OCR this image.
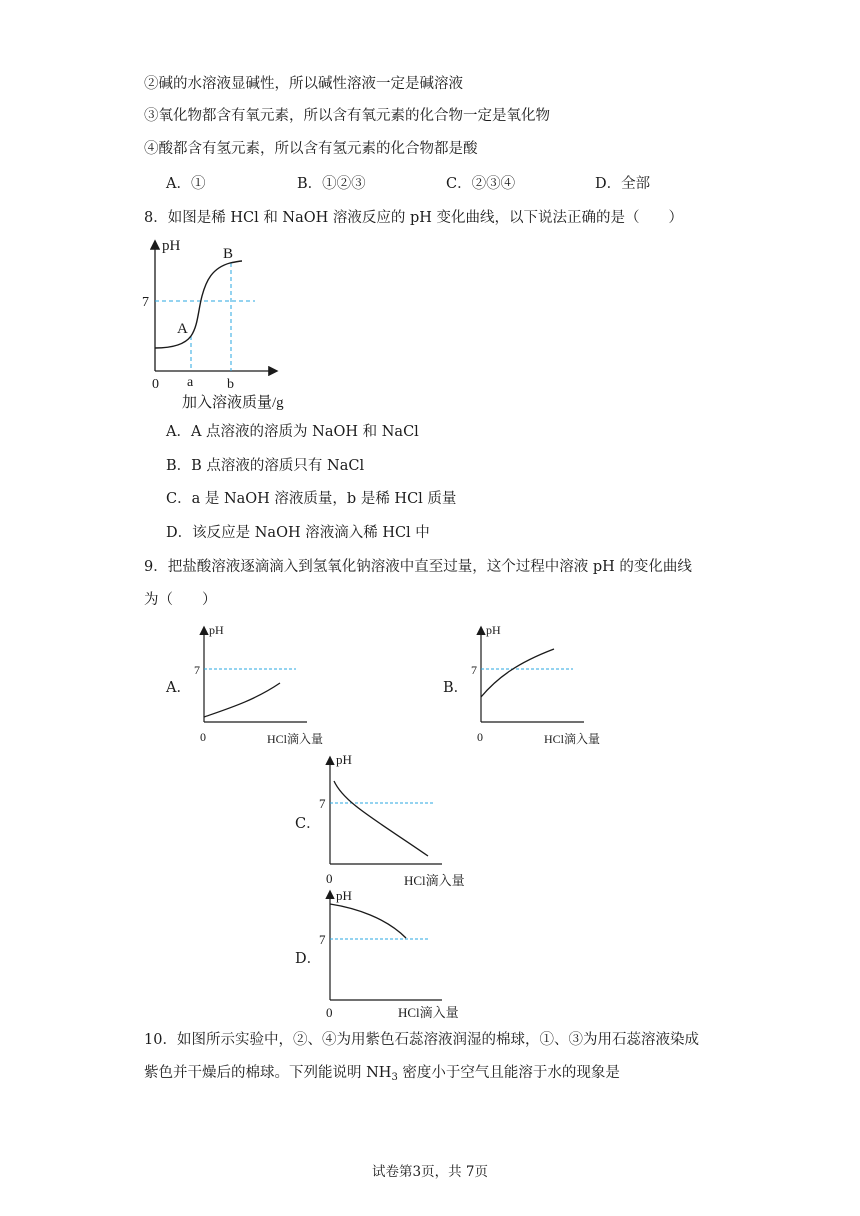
②碱的水溶液显碱性，所以碱性溶液一定是碱溶液
③氧化物都含有氧元素，所以含有氧元素的化合物一定是氧化物
④酸都含有氢元素，所以含有氢元素的化合物都是酸
A．①	B．①②③	C．②③④	D．全部
8．如图是稀 HCl 和 NaOH 溶液反应的 pH 变化曲线，以下说法正确的是（　　）
pH
7
0
A
B
a b
加入溶液质量/g
A．A 点溶液的溶质为 NaOH 和 NaCl
B．B 点溶液的溶质只有 NaCl
C．a 是 NaOH 溶液质量，b 是稀 HCl 质量
D．该反应是 NaOH 溶液滴入稀 HCl 中
9．把盐酸溶液逐滴滴入到氢氧化钠溶液中直至过量，这个过程中溶液 pH 的变化曲线
为（　　）
A．
pH
7
0	HCl滴入量
B．
pH
7
0	HCl滴入量
C．
pH
7
0	HCl滴入量
D．
pH
7
0	HCl滴入量
10．如图所示实验中，②、④为用紫色石蕊溶液润湿的棉球，①、③为用石蕊溶液染成
紫色并干燥后的棉球。下列能说明 $NH_3$ 密度小于空气且能溶于水的现象是
试卷第3页，共 7页
